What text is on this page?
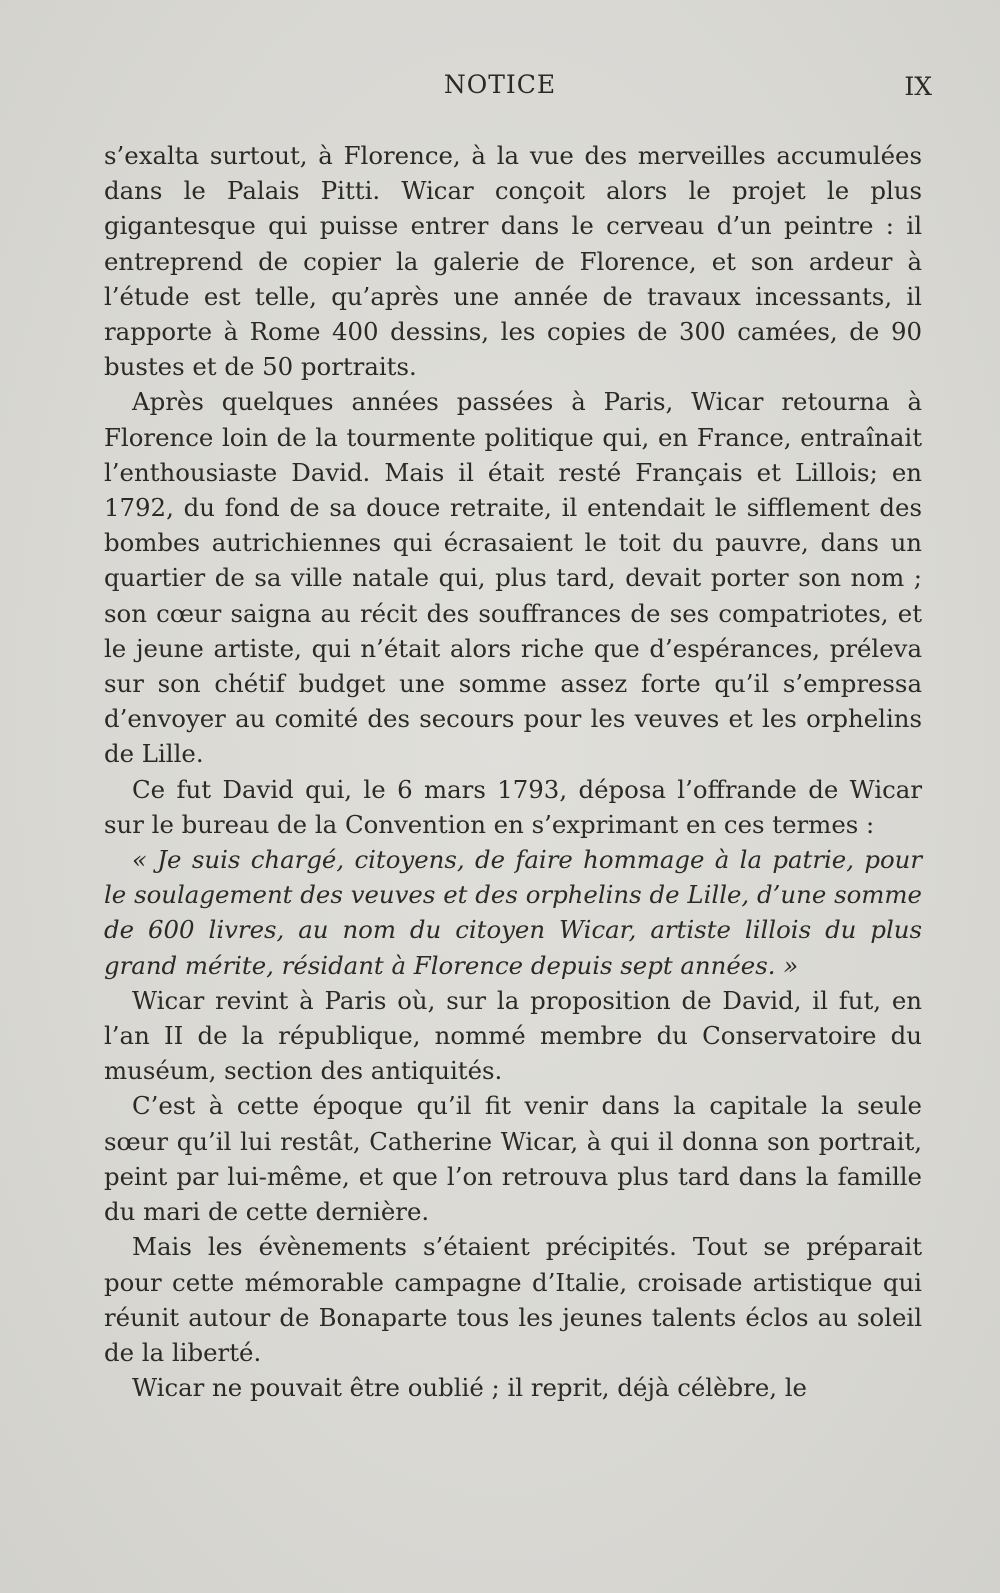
NOTICE	IX

s’exalta surtout, à Florence, à la vue des merveilles accumulées dans le Palais Pitti. Wicar conçoit alors le projet le plus gigantesque qui puisse entrer dans le cerveau d’un peintre : il entreprend de copier la galerie de Florence, et son ardeur à l’étude est telle, qu’après une année de travaux incessants, il rapporte à Rome 400 dessins, les copies de 300 camées, de 90 bustes et de 50 portraits.

Après quelques années passées à Paris, Wicar retourna à Florence loin de la tourmente politique qui, en France, entraînait l’enthousiaste David. Mais il était resté Français et Lillois; en 1792, du fond de sa douce retraite, il entendait le sifflement des bombes autrichiennes qui écrasaient le toit du pauvre, dans un quartier de sa ville natale qui, plus tard, devait porter son nom ; son cœur saigna au récit des souffrances de ses compatriotes, et le jeune artiste, qui n’était alors riche que d’espérances, préleva sur son chétif budget une somme assez forte qu’il s’empressa d’envoyer au comité des secours pour les veuves et les orphelins de Lille.

Ce fut David qui, le 6 mars 1793, déposa l’offrande de Wicar sur le bureau de la Convention en s’exprimant en ces termes :

« Je suis chargé, citoyens, de faire hommage à la patrie, pour le soulagement des veuves et des orphelins de Lille, d’une somme de 600 livres, au nom du citoyen Wicar, artiste lillois du plus grand mérite, résidant à Florence depuis sept années. »

Wicar revint à Paris où, sur la proposition de David, il fut, en l’an II de la république, nommé membre du Conservatoire du muséum, section des antiquités.

C’est à cette époque qu’il fit venir dans la capitale la seule sœur qu’il lui restât, Catherine Wicar, à qui il donna son portrait, peint par lui-même, et que l’on retrouva plus tard dans la famille du mari de cette dernière.

Mais les évènements s’étaient précipités. Tout se préparait pour cette mémorable campagne d’Italie, croisade artistique qui réunit autour de Bonaparte tous les jeunes talents éclos au soleil de la liberté.

Wicar ne pouvait être oublié ; il reprit, déjà célèbre, le
